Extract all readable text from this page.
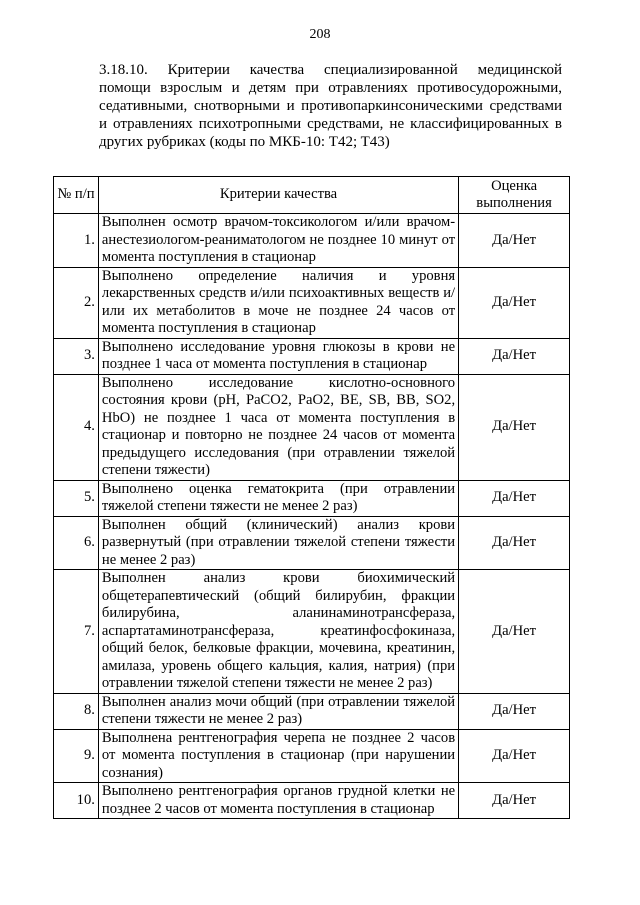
208
3.18.10. Критерии качества специализированной медицинской
помощи взрослым и детям при отравлениях противосудорожными, седативными, снотворными и противопаркинсоническими средствами и отравлениях психотропными средствами, не классифицированных в других рубриках (коды по МКБ-10: T42; T43)
№ п/п	Критерии качества	Оценка выполнения
1.	Выполнен осмотр врачом-токсикологом и/или врачом-анестезиологом-реаниматологом не позднее 10 минут от момента поступления в стационар	Да/Нет
2.	Выполнено определение наличия и уровня лекарственных средств и/или психоактивных веществ и/или их метаболитов в моче не позднее 24 часов от момента поступления в стационар	Да/Нет
3.	Выполнено исследование уровня глюкозы в крови не позднее 1 часа от момента поступления в стационар	Да/Нет
4.	Выполнено исследование кислотно-основного состояния крови (pH, PaCO2, PaO2, BE, SB, BB, SO2, HbO) не позднее 1 часа от момента поступления в стационар и повторно не позднее 24 часов от момента предыдущего исследования (при отравлении тяжелой степени тяжести)	Да/Нет
5.	Выполнено оценка гематокрита (при отравлении тяжелой степени тяжести не менее 2 раз)	Да/Нет
6.	Выполнен общий (клинический) анализ крови развернутый (при отравлении тяжелой степени тяжести не менее 2 раз)	Да/Нет
7.	Выполнен анализ крови биохимический общетерапевтический (общий билирубин, фракции билирубина, аланинаминотрансфераза, аспартатаминотрансфераза, креатинфосфокиназа, общий белок, белковые фракции, мочевина, креатинин, амилаза, уровень общего кальция, калия, натрия) (при отравлении тяжелой степени тяжести не менее 2 раз)	Да/Нет
8.	Выполнен анализ мочи общий (при отравлении тяжелой степени тяжести не менее 2 раз)	Да/Нет
9.	Выполнена рентгенография черепа не позднее 2 часов от момента поступления в стационар (при нарушении сознания)	Да/Нет
10.	Выполнено рентгенография органов грудной клетки не позднее 2 часов от момента поступления в стационар	Да/Нет
